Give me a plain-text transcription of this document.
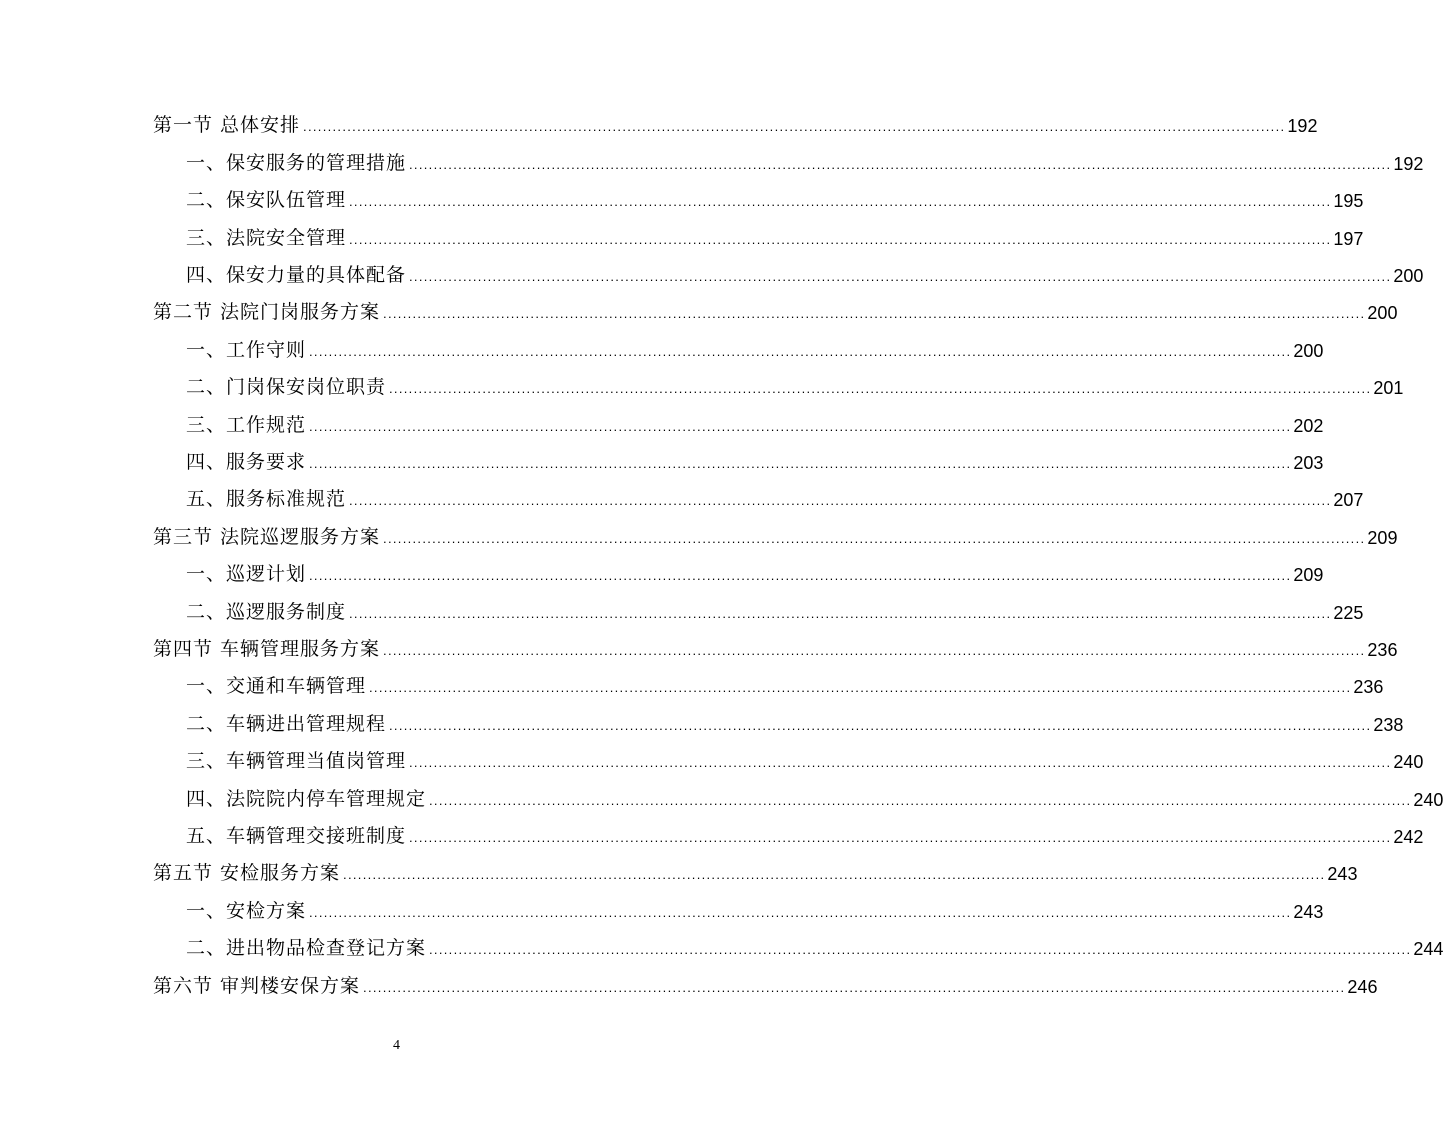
第一节 总体安排 ........................................................................................................................................................................................................ 192
一、保安服务的管理措施 ........................................................................................................................................................................................................ 192
二、保安队伍管理 ........................................................................................................................................................................................................ 195
三、法院安全管理 ........................................................................................................................................................................................................ 197
四、保安力量的具体配备 ........................................................................................................................................................................................................ 200
第二节 法院门岗服务方案 ........................................................................................................................................................................................................ 200
一、工作守则 ........................................................................................................................................................................................................ 200
二、门岗保安岗位职责 ........................................................................................................................................................................................................ 201
三、工作规范 ........................................................................................................................................................................................................ 202
四、服务要求 ........................................................................................................................................................................................................ 203
五、服务标准规范 ........................................................................................................................................................................................................ 207
第三节 法院巡逻服务方案 ........................................................................................................................................................................................................ 209
一、巡逻计划 ........................................................................................................................................................................................................ 209
二、巡逻服务制度 ........................................................................................................................................................................................................ 225
第四节 车辆管理服务方案 ........................................................................................................................................................................................................ 236
一、交通和车辆管理 ........................................................................................................................................................................................................ 236
二、车辆进出管理规程 ........................................................................................................................................................................................................ 238
三、车辆管理当值岗管理 ........................................................................................................................................................................................................ 240
四、法院院内停车管理规定 ........................................................................................................................................................................................................ 240
五、车辆管理交接班制度 ........................................................................................................................................................................................................ 242
第五节 安检服务方案 ........................................................................................................................................................................................................ 243
一、安检方案 ........................................................................................................................................................................................................ 243
二、进出物品检查登记方案 ........................................................................................................................................................................................................ 244
第六节 审判楼安保方案 ........................................................................................................................................................................................................ 246
4
